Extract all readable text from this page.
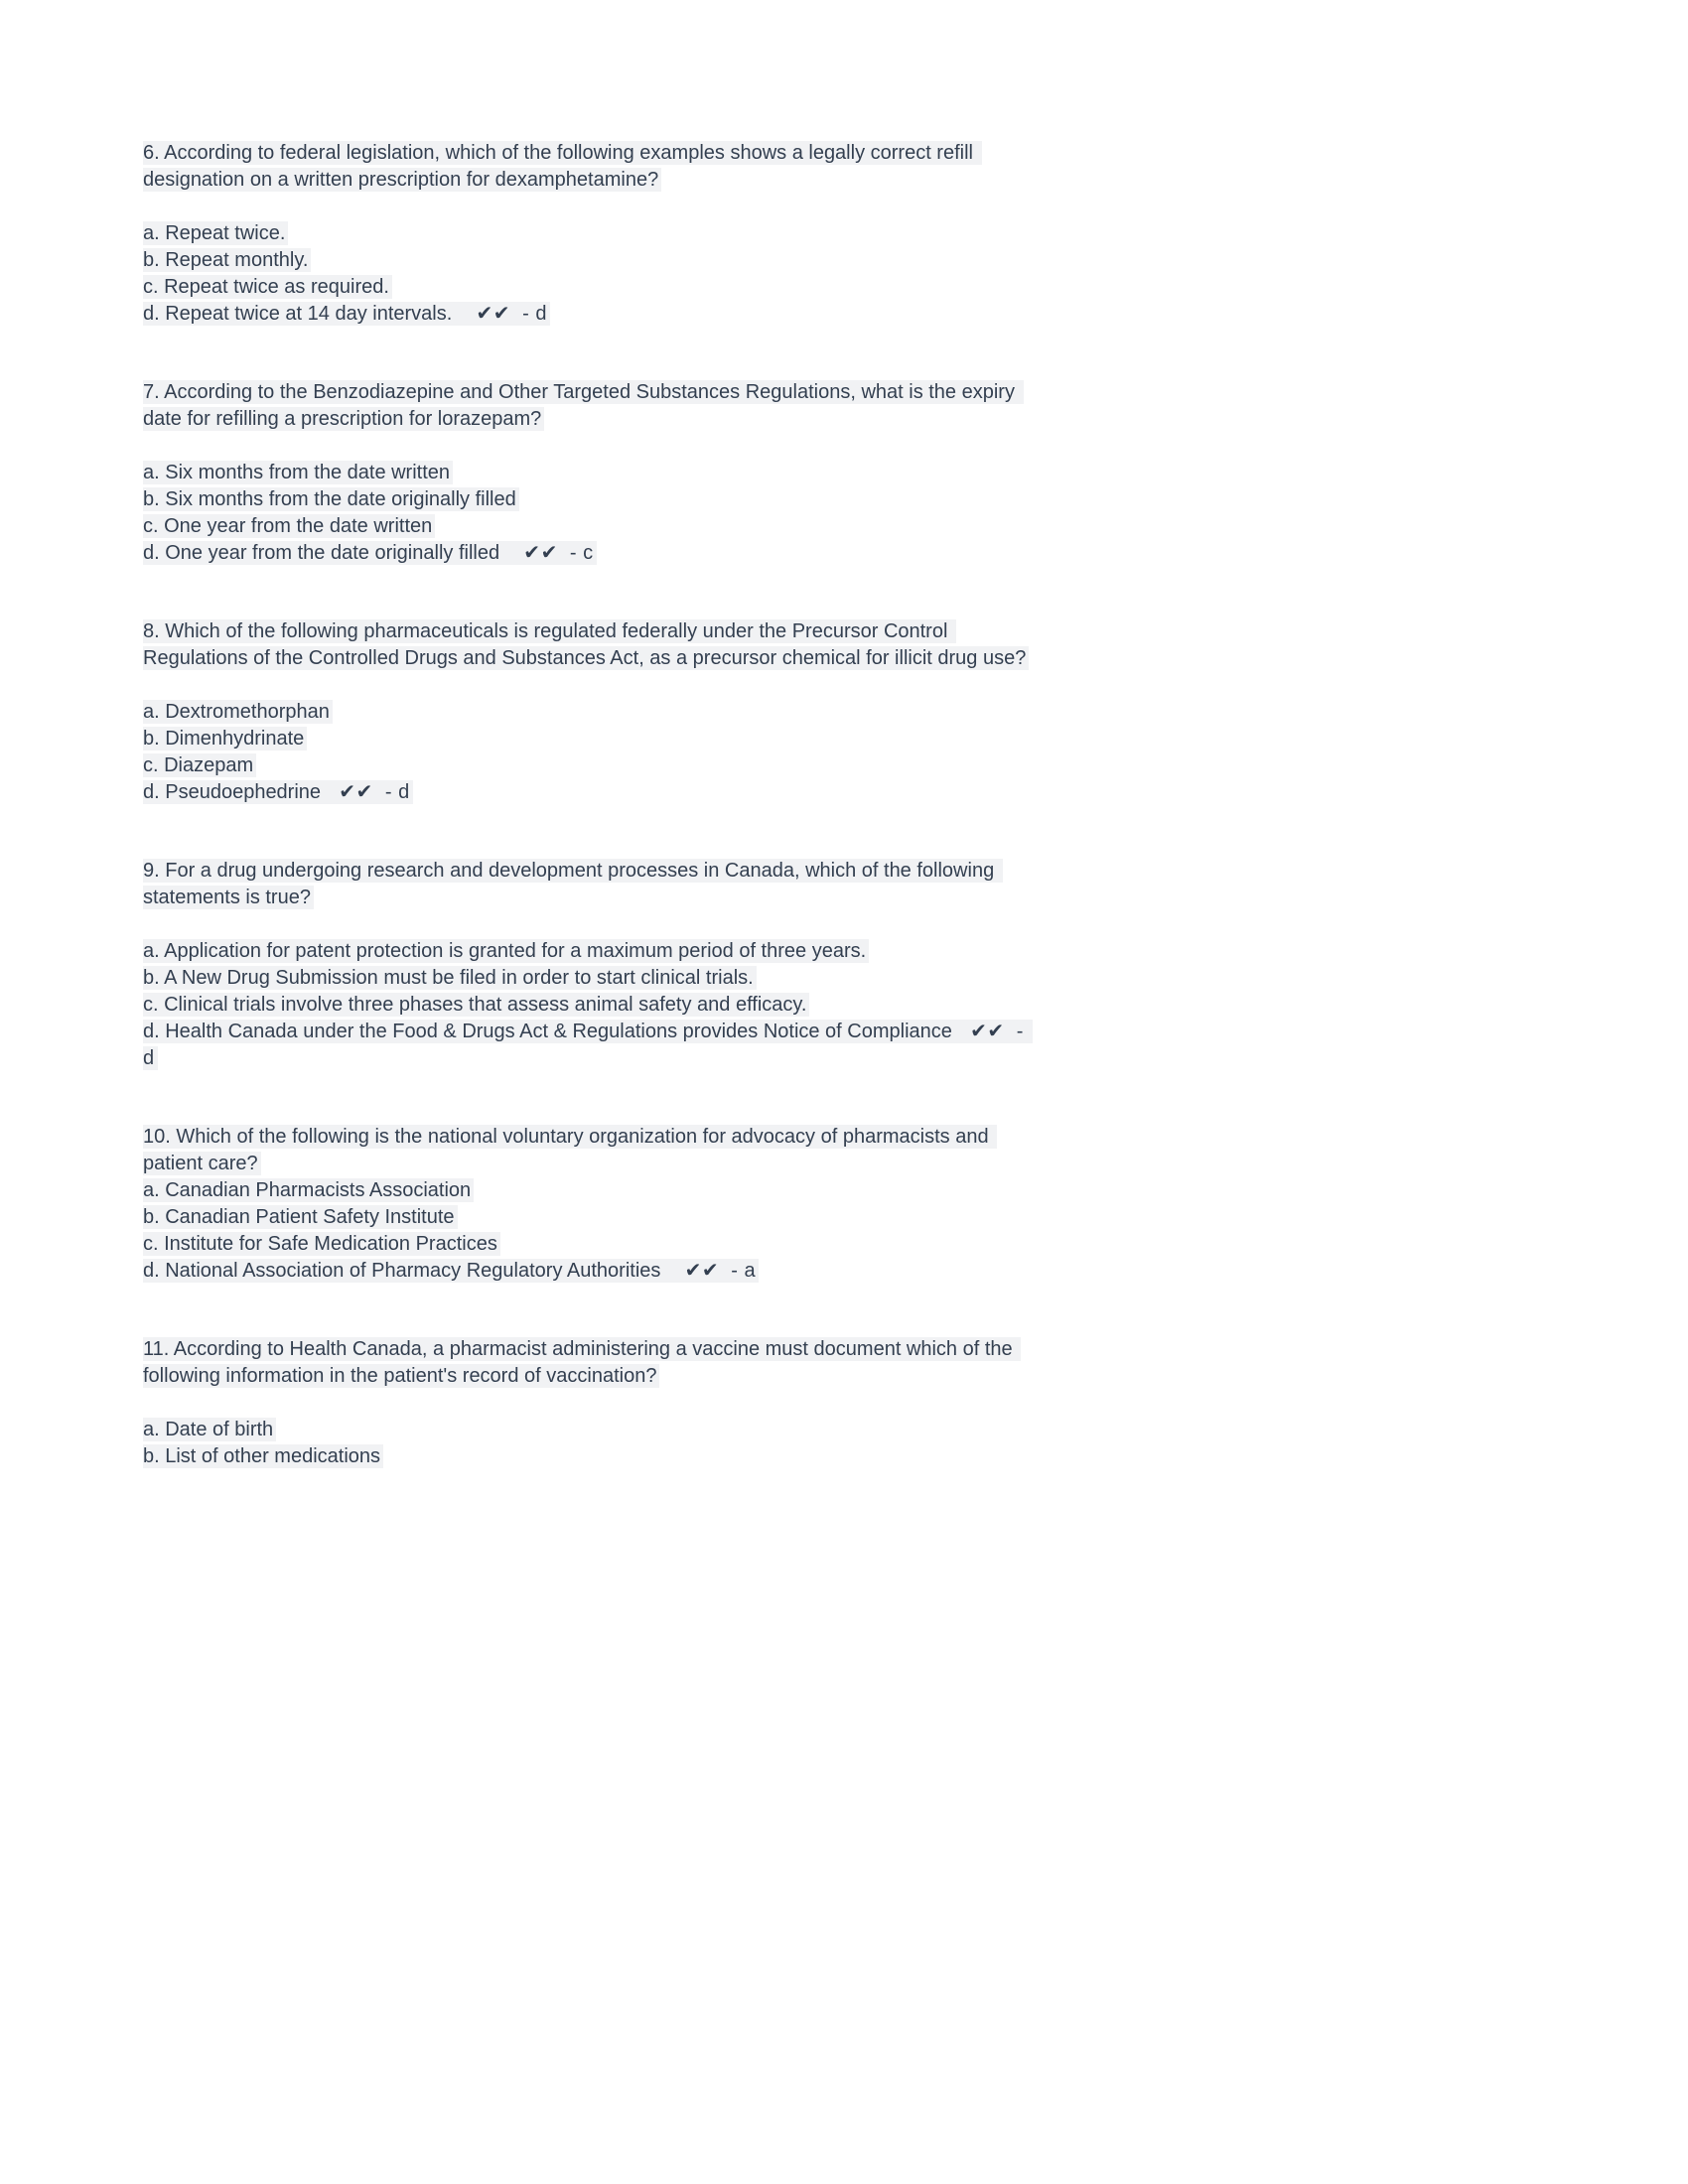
6. According to federal legislation, which of the following examples shows a legally correct refill designation on a written prescription for dexamphetamine?

a. Repeat twice.
b. Repeat monthly.
c. Repeat twice as required.
d. Repeat twice at 14 day intervals.    ✔✔  - d

7. According to the Benzodiazepine and Other Targeted Substances Regulations, what is the expiry date for refilling a prescription for lorazepam?

a. Six months from the date written
b. Six months from the date originally filled
c. One year from the date written
d. One year from the date originally filled    ✔✔  - c

8. Which of the following pharmaceuticals is regulated federally under the Precursor Control Regulations of the Controlled Drugs and Substances Act, as a precursor chemical for illicit drug use?

a. Dextromethorphan
b. Dimenhydrinate
c. Diazepam
d. Pseudoephedrine   ✔✔  - d

9. For a drug undergoing research and development processes in Canada, which of the following statements is true?

a. Application for patent protection is granted for a maximum period of three years.
b. A New Drug Submission must be filed in order to start clinical trials.
c. Clinical trials involve three phases that assess animal safety and efficacy.
d. Health Canada under the Food & Drugs Act & Regulations provides Notice of Compliance   ✔✔  - d

10. Which of the following is the national voluntary organization for advocacy of pharmacists and patient care?

a. Canadian Pharmacists Association
b. Canadian Patient Safety Institute
c. Institute for Safe Medication Practices
d. National Association of Pharmacy Regulatory Authorities    ✔✔  - a

11. According to Health Canada, a pharmacist administering a vaccine must document which of the following information in the patient's record of vaccination?

a. Date of birth
b. List of other medications
